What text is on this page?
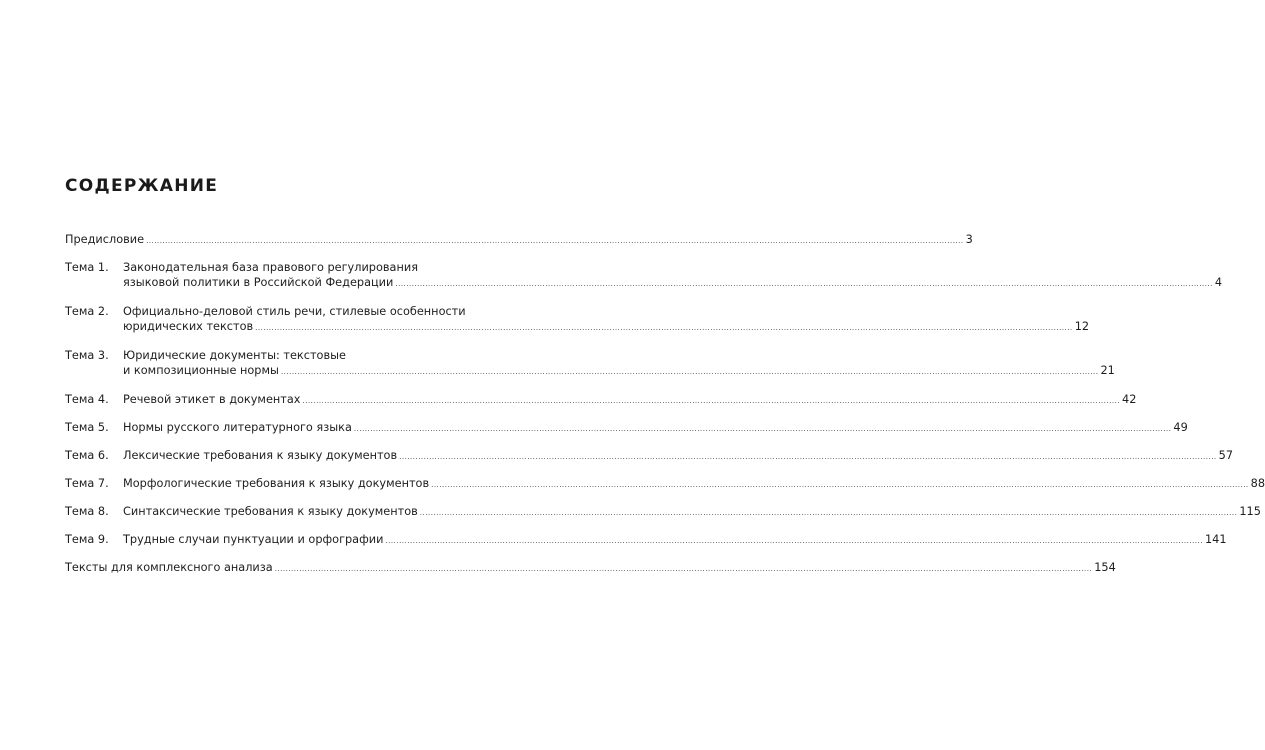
СОДЕРЖАНИЕ
Предисловие ............................................................................................................................................................................................................................................................................................................ 3
Тема 1. Законодательная база правового регулирования
языковой политики в Российской Федерации ............................................................................................................................................................................................................................................................................................................ 4
Тема 2. Официально-деловой стиль речи, стилевые особенности
юридических текстов ............................................................................................................................................................................................................................................................................................................ 12
Тема 3. Юридические документы: текстовые
и композиционные нормы ............................................................................................................................................................................................................................................................................................................ 21
Тема 4. Речевой этикет в документах ............................................................................................................................................................................................................................................................................................................ 42
Тема 5. Нормы русского литературного языка ............................................................................................................................................................................................................................................................................................................ 49
Тема 6. Лексические требования к языку документов ............................................................................................................................................................................................................................................................................................................ 57
Тема 7. Морфологические требования к языку документов ............................................................................................................................................................................................................................................................................................................ 88
Тема 8. Синтаксические требования к языку документов ............................................................................................................................................................................................................................................................................................................ 115
Тема 9. Трудные случаи пунктуации и орфографии ............................................................................................................................................................................................................................................................................................................ 141
Тексты для комплексного анализа ............................................................................................................................................................................................................................................................................................................ 154
